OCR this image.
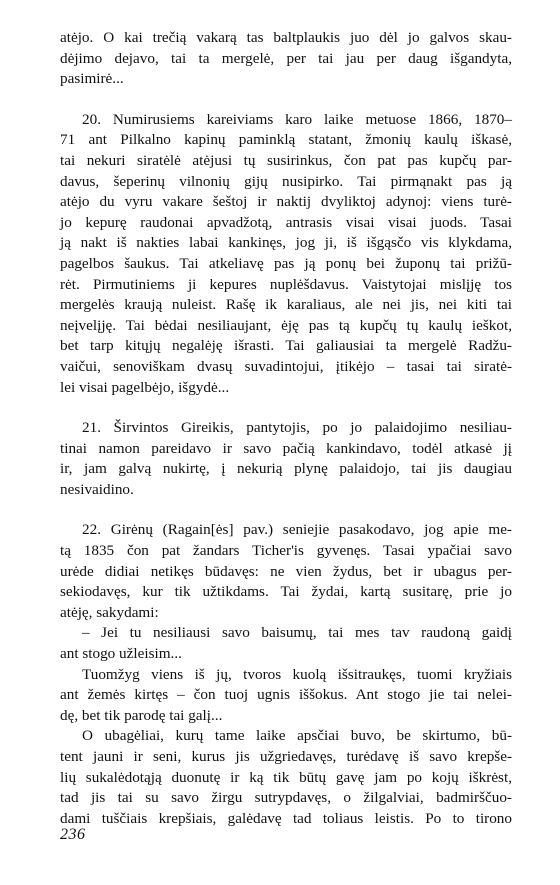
atėjo. O kai trečią vakarą tas baltplaukis juo dėl jo galvos skau-
dėjimo dejavo, tai ta mergelė, per tai jau per daug išgandyta,
pasimirė...

20. Numirusiems kareiviams karo laike metuose 1866, 1870–
71 ant Pilkalno kapinų paminklą statant, žmonių kaulų iškasė,
tai nekuri siratėlė atėjusi tų susirinkus, čon pat pas kupčų par-
davus, šeperinų vilnonių gijų nusipirko. Tai pirmąnakt pas ją
atėjo du vyru vakare šeštoj ir naktij dvyliktoj adynoj: viens turė-
jo kepurę raudonai apvadžotą, antrasis visai visai juods. Tasai
ją nakt iš nakties labai kankinęs, jog ji, iš išgąsčo vis klykdama,
pagelbos šaukus. Tai atkeliavę pas ją ponų bei župonų tai prižū-
rėt. Pirmutiniems ji kepures nuplėšdavus. Vaistytojai mislįję tos
mergelės kraują nuleist. Rašę ik karaliaus, ale nei jis, nei kiti tai
neįvelįję. Tai bėdai nesiliaujant, ėję pas tą kupčų tų kaulų ieškot,
bet tarp kitųjų negalėję išrasti. Tai galiausiai ta mergelė Radžu-
vaičui, senoviškam dvasų suvadintojui, įtikėjo – tasai tai siratė-
lei visai pagelbėjo, išgydė...

21. Širvintos Gireikis, pantytojis, po jo palaidojimo nesiliau-
tinai namon pareidavo ir savo pačią kankindavo, todėl atkasė jį
ir, jam galvą nukirtę, į nekurią plynę palaidojo, tai jis daugiau
nesivaidino.

22. Girėnų (Ragain[ės] pav.) seniejie pasakodavo, jog apie me-
tą 1835 čon pat žandars Ticher'is gyvenęs. Tasai ypačiai savo
urėde didiai netikęs būdavęs: ne vien žydus, bet ir ubagus per-
sekiodavęs, kur tik užtikdams. Tai žydai, kartą susitarę, prie jo
atėję, sakydami:

– Jei tu nesiliausi savo baisumų, tai mes tav raudoną gaidį
ant stogo užleisim...

Tuomžyg viens iš jų, tvoros kuolą išsitraukęs, tuomi kryžiais
ant žemės kirtęs – čon tuoj ugnis iššokus. Ant stogo jie tai nelei-
dę, bet tik parodę tai galį...

O ubagėliai, kurų tame laike apsčiai buvo, be skirtumo, bū-
tent jauni ir seni, kurus jis užgriedavęs, turėdavę iš savo krepše-
lių sukalėdotąją duonutę ir ką tik būtų gavę jam po kojų iškrėst,
tad jis tai su savo žirgu sutrypdavęs, o žilgalviai, badmirščuo-
dami tuščiais krepšiais, galėdavę tad toliaus leistis. Po to tirono

236
